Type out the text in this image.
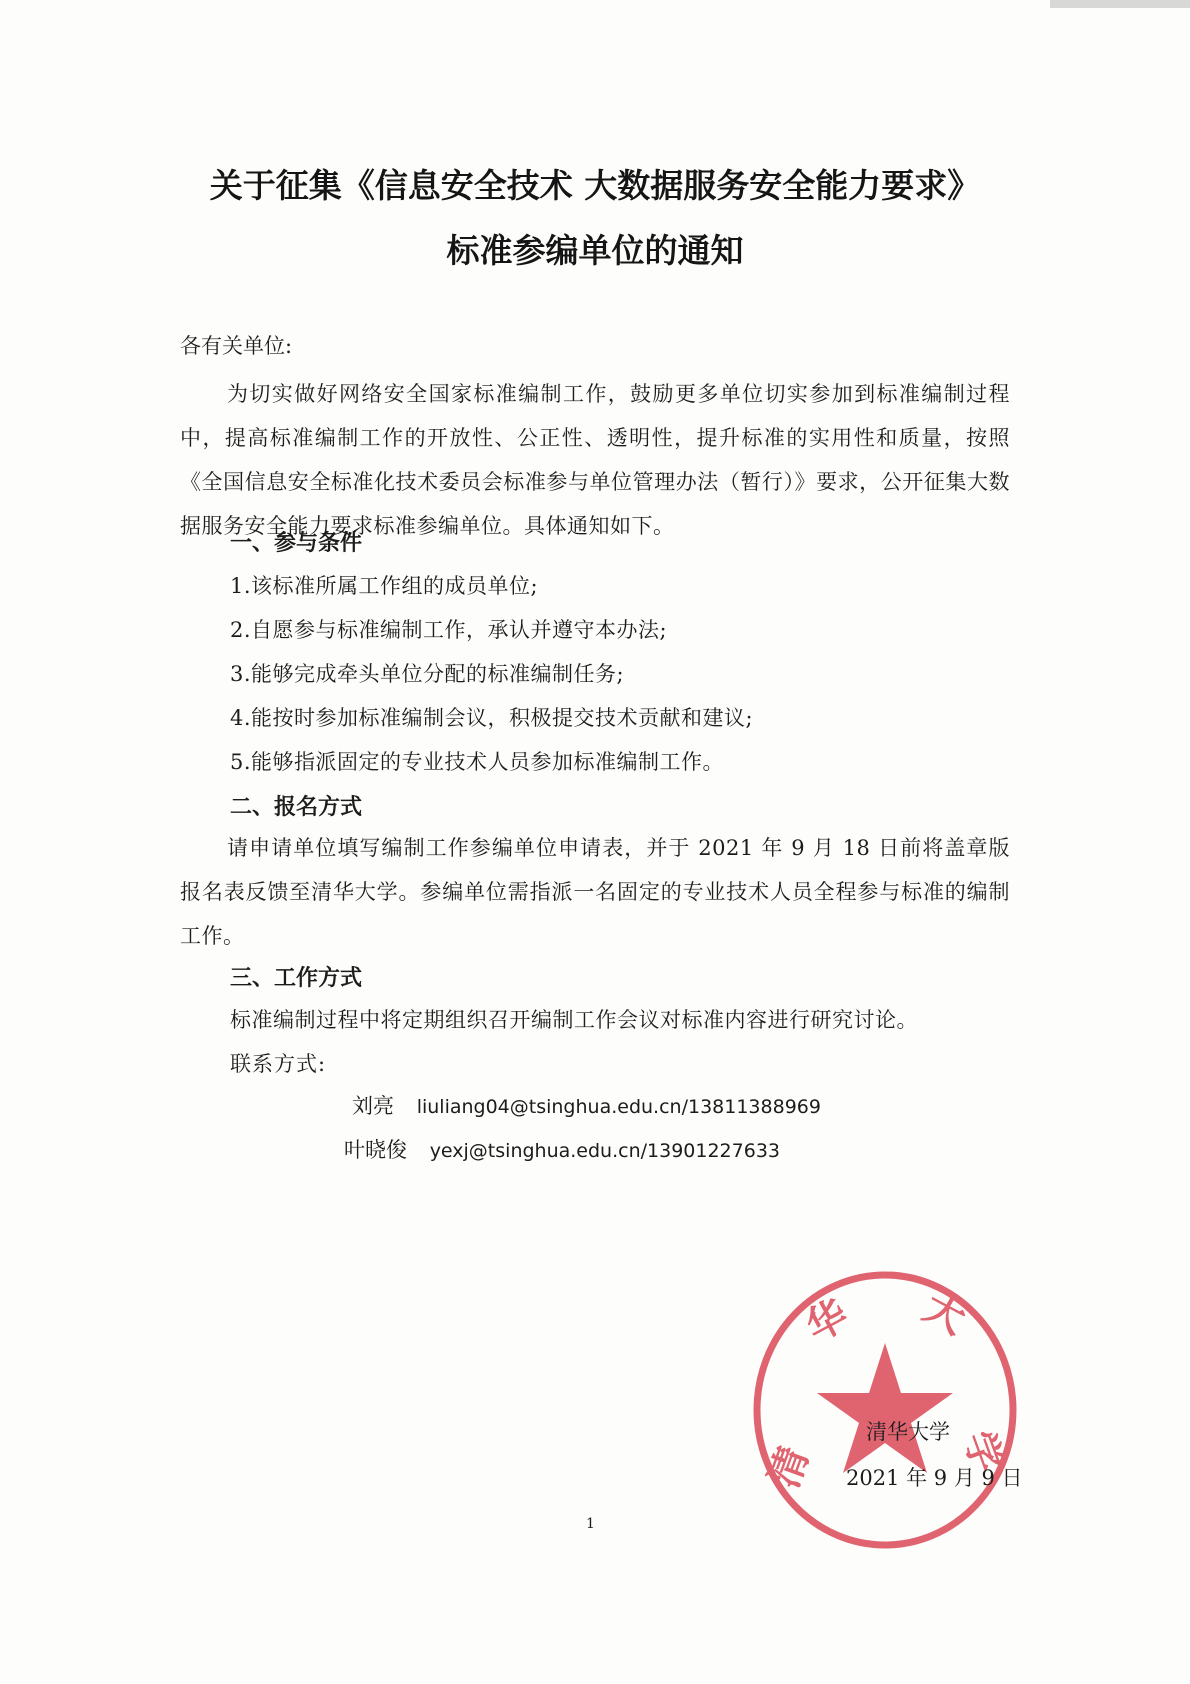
关于征集《信息安全技术 大数据服务安全能力要求》
标准参编单位的通知
各有关单位:
为切实做好网络安全国家标准编制工作，鼓励更多单位切实参加到标准编制过程中，提高标准编制工作的开放性、公正性、透明性，提升标准的实用性和质量，按照《全国信息安全标准化技术委员会标准参与单位管理办法（暂行）》要求，公开征集大数据服务安全能力要求标准参编单位。具体通知如下。
一、参与条件
1.该标准所属工作组的成员单位;
2.自愿参与标准编制工作，承认并遵守本办法;
3.能够完成牵头单位分配的标准编制任务;
4.能按时参加标准编制会议，积极提交技术贡献和建议;
5.能够指派固定的专业技术人员参加标准编制工作。
二、报名方式
请申请单位填写编制工作参编单位申请表，并于 2021 年 9 月 18 日前将盖章版报名表反馈至清华大学。参编单位需指派一名固定的专业技术人员全程参与标准的编制工作。
三、工作方式
标准编制过程中将定期组织召开编制工作会议对标准内容进行研究讨论。
联系方式:
刘亮 liuliang04@tsinghua.edu.cn/13811388969
叶晓俊 yexj@tsinghua.edu.cn/13901227633
清
华 大
学
清华大学
2021 年 9 月 9 日
1
